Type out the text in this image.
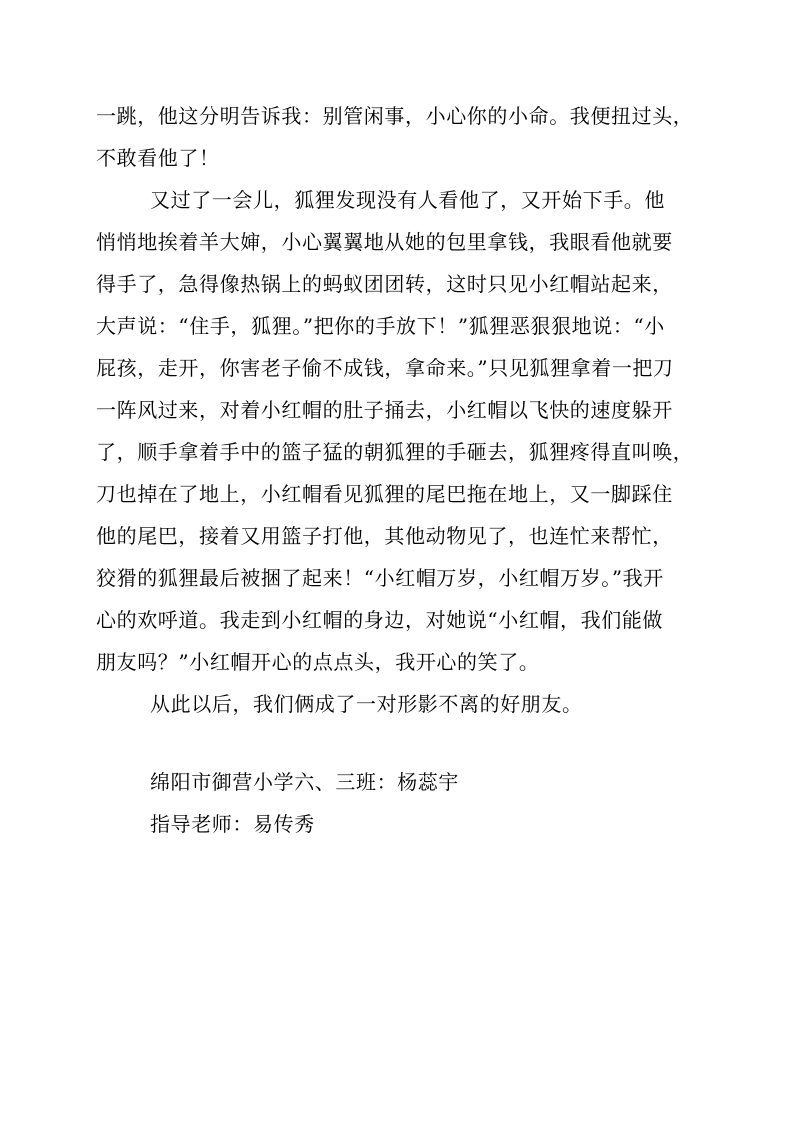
一跳，他这分明告诉我：别管闲事，小心你的小命。我便扭过头，
不敢看他了！
又过了一会儿，狐狸发现没有人看他了，又开始下手。他
悄悄地挨着羊大婶，小心翼翼地从她的包里拿钱，我眼看他就要
得手了，急得像热锅上的蚂蚁团团转，这时只见小红帽站起来，
大声说：“住手，狐狸。”把你的手放下！”狐狸恶狠狠地说：“小
屁孩，走开，你害老子偷不成钱，拿命来。”只见狐狸拿着一把刀
一阵风过来，对着小红帽的肚子捅去，小红帽以飞快的速度躲开
了，顺手拿着手中的篮子猛的朝狐狸的手砸去，狐狸疼得直叫唤，
刀也掉在了地上，小红帽看见狐狸的尾巴拖在地上，又一脚踩住
他的尾巴，接着又用篮子打他，其他动物见了，也连忙来帮忙，
狡猾的狐狸最后被捆了起来！“小红帽万岁，小红帽万岁。”我开
心的欢呼道。我走到小红帽的身边，对她说“小红帽，我们能做
朋友吗？”小红帽开心的点点头，我开心的笑了。
从此以后，我们俩成了一对形影不离的好朋友。
绵阳市御营小学六、三班：杨蕊宇
指导老师：易传秀
